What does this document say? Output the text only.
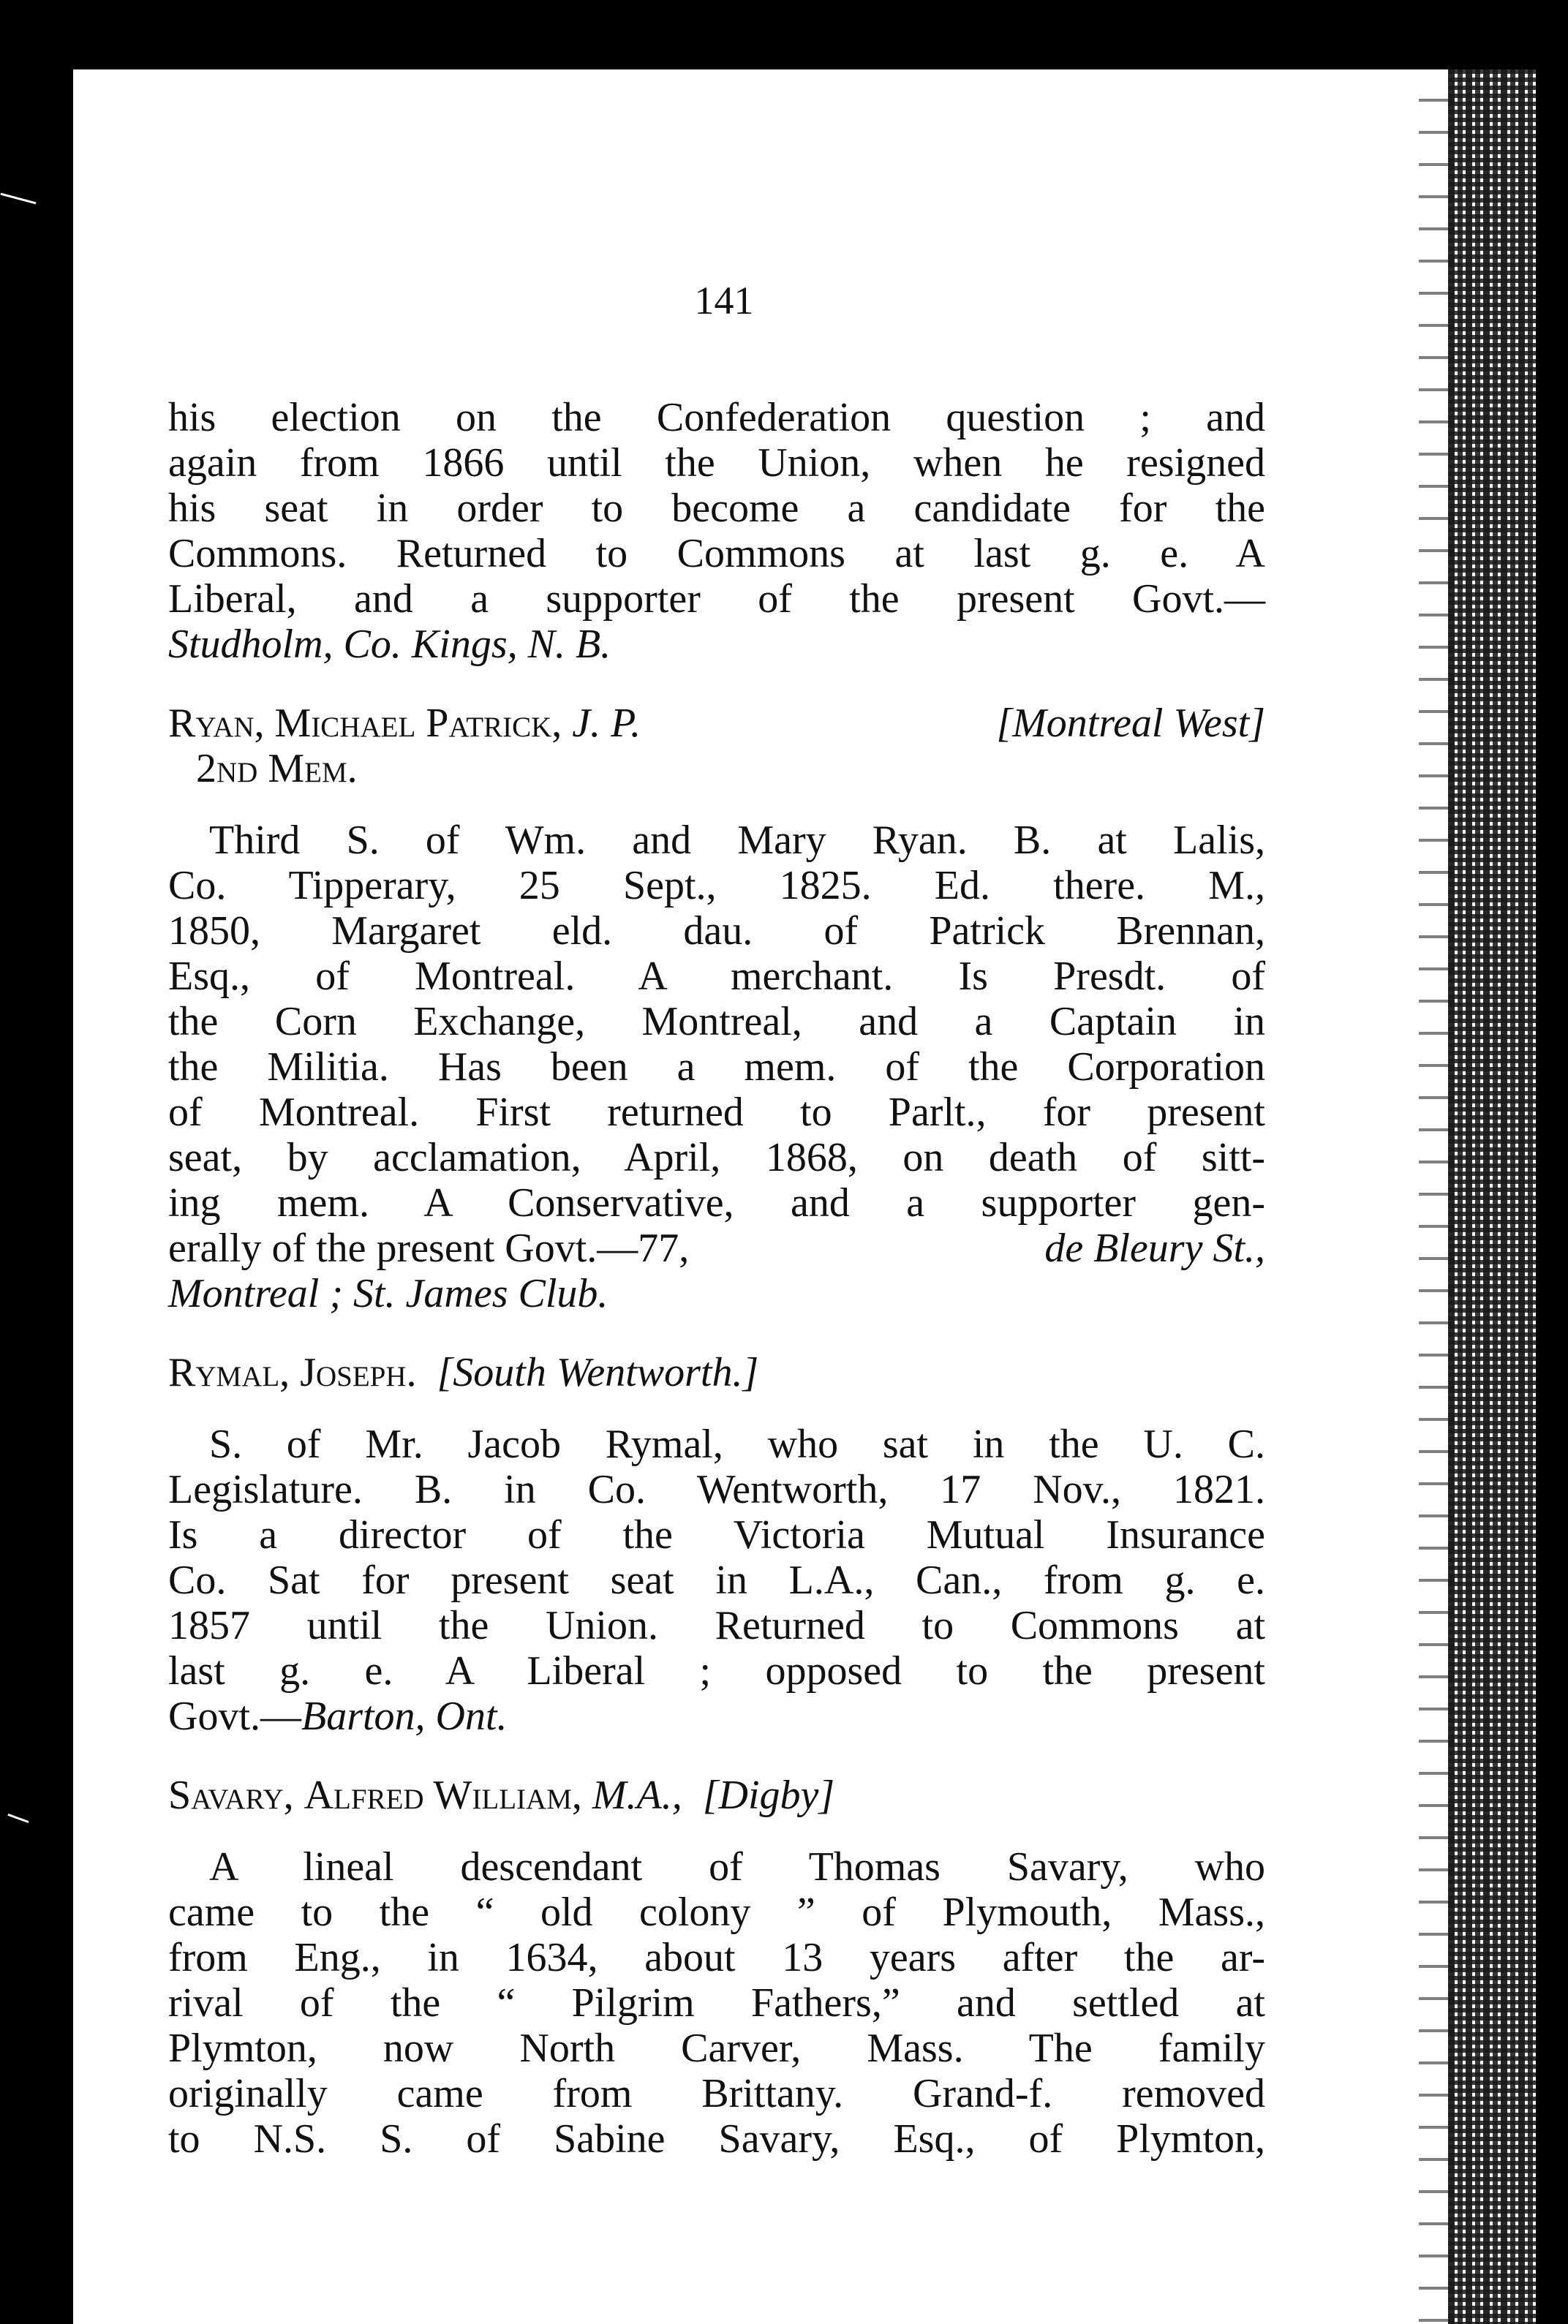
141
his election on the Confederation question ; and
again from 1866 until the Union, when he resigned
his seat in order to become a candidate for the
Commons. Returned to Commons at last g. e. A
Liberal, and a supporter of the present Govt.—
Studholm, Co. Kings, N. B.
Ryan, Michael Patrick, J. P.	[Montreal West]
2nd Mem.
Third S. of Wm. and Mary Ryan. B. at Lalis,
Co. Tipperary, 25 Sept., 1825. Ed. there. M.,
1850, Margaret eld. dau. of Patrick Brennan,
Esq., of Montreal. A merchant. Is Presdt. of
the Corn Exchange, Montreal, and a Captain in
the Militia. Has been a mem. of the Corporation
of Montreal. First returned to Parlt., for present
seat, by acclamation, April, 1868, on death of sitt-
ing mem. A Conservative, and a supporter gen-
erally of the present Govt.—77,	de Bleury St.,
Montreal ; St. James Club.
Rymal, Joseph. [South Wentworth.]
S. of Mr. Jacob Rymal, who sat in the U. C.
Legislature. B. in Co. Wentworth, 17 Nov., 1821.
Is a director of the Victoria Mutual Insurance
Co. Sat for present seat in L.A., Can., from g. e.
1857 until the Union. Returned to Commons at
last g. e. A Liberal ; opposed to the present
Govt.—Barton, Ont.
Savary, Alfred William, M.A., [Digby]
A lineal descendant of Thomas Savary, who
came to the “ old colony ” of Plymouth, Mass.,
from Eng., in 1634, about 13 years after the ar-
rival of the “ Pilgrim Fathers,” and settled at
Plymton, now North Carver, Mass. The family
originally came from Brittany. Grand-f. removed
to N.S. S. of Sabine Savary, Esq., of Plymton,
